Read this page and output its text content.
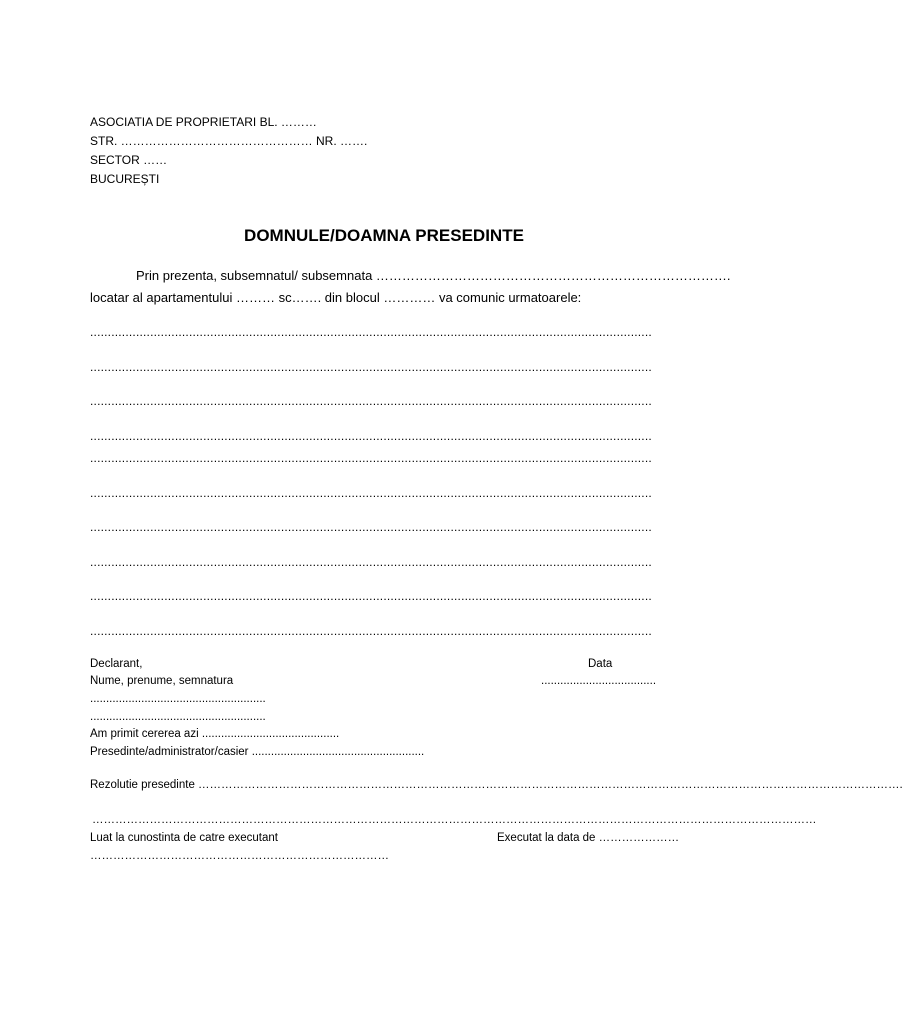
ASOCIATIA DE PROPRIETARI BL. ………
STR. ………………………………………… NR. …….
SECTOR ……
BUCUREȘTI
DOMNULE/DOAMNA PRESEDINTE
Prin prezenta, subsemnatul/ subsemnata ……………………………………………………………………….
locatar al apartamentului ……… sc……. din blocul ………… va comunic urmatoarele:
...............................................................................................................................................................
...............................................................................................................................................................
...............................................................................................................................................................
...............................................................................................................................................................
...............................................................................................................................................................
...............................................................................................................................................................
...............................................................................................................................................................
...............................................................................................................................................................
...............................................................................................................................................................
...............................................................................................................................................................
Declarant,	Data
Nume, prenume, semnatura	....................................
.......................................................
.......................................................
Am primit cererea azi ...........................................
Presedinte/administrator/casier ......................................................
Rezolutie presedinte ………………………………………………………………………………………………………………………………………………………………….
………………………………………………………………………………………………………………………………………………………………………
Luat la cunostinta de catre executant	Executat la data de …………………
……………………………………………………………………
